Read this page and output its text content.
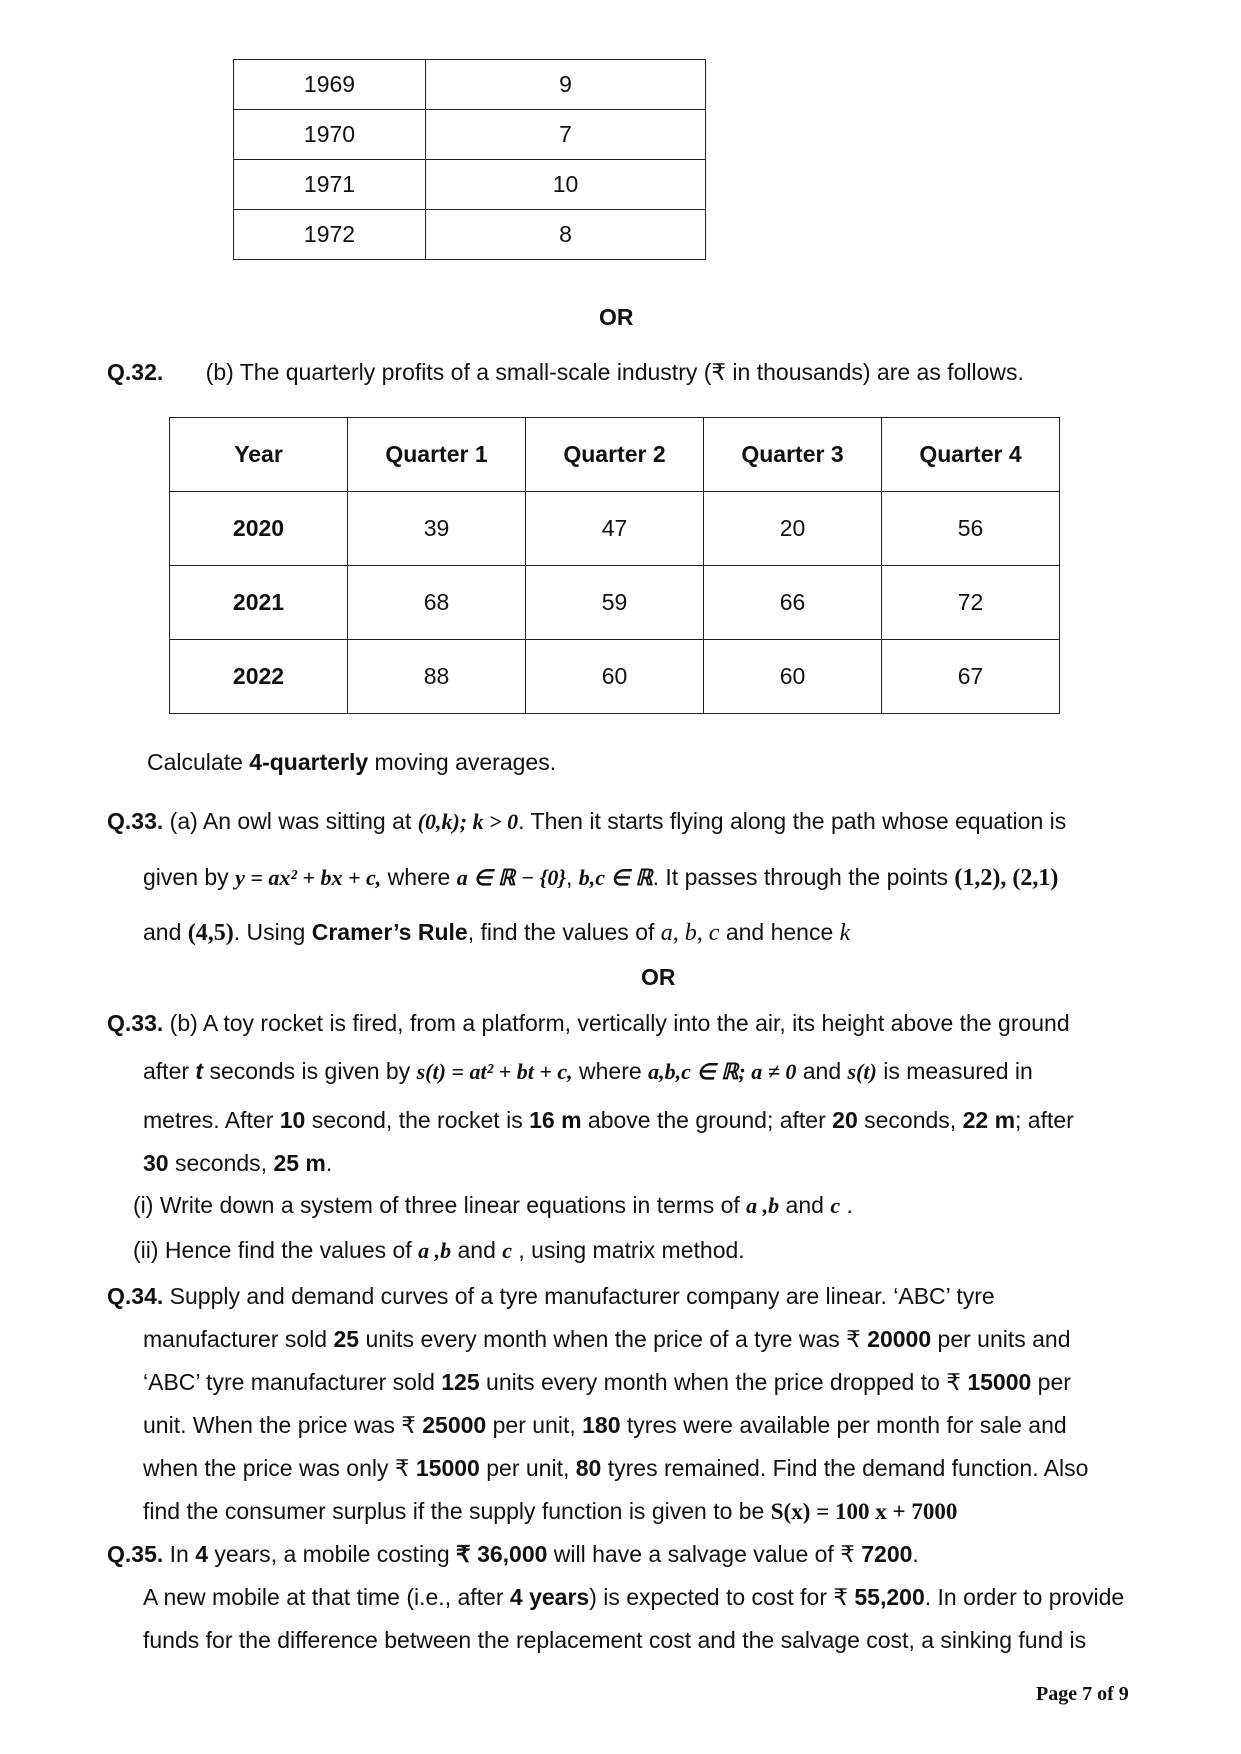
1969	9
1970	7
1971	10
1972	8
OR
Q.32. (b) The quarterly profits of a small-scale industry (₹ in thousands) are as follows.
Year	Quarter 1	Quarter 2	Quarter 3	Quarter 4
2020	39	47	20	56
2021	68	59	66	72
2022	88	60	60	67
Calculate 4-quarterly moving averages.
Q.33. (a) An owl was sitting at (0,k); k > 0. Then it starts flying along the path whose equation is
given by y = ax² + bx + c, where a ∈ ℝ − {0}, b,c ∈ ℝ. It passes through the points (1,2), (2,1)
and (4,5). Using Cramer’s Rule, find the values of a, b, c and hence k
OR
Q.33. (b) A toy rocket is fired, from a platform, vertically into the air, its height above the ground
after t seconds is given by s(t) = at² + bt + c, where a,b,c ∈ ℝ; a ≠ 0 and s(t) is measured in
metres. After 10 second, the rocket is 16 m above the ground; after 20 seconds, 22 m; after
30 seconds, 25 m.
(i) Write down a system of three linear equations in terms of a ,b and c .
(ii) Hence find the values of a ,b and c , using matrix method.
Q.34. Supply and demand curves of a tyre manufacturer company are linear. ‘ABC’ tyre
manufacturer sold 25 units every month when the price of a tyre was ₹ 20000 per units and
‘ABC’ tyre manufacturer sold 125 units every month when the price dropped to ₹ 15000 per
unit. When the price was ₹ 25000 per unit, 180 tyres were available per month for sale and
when the price was only ₹ 15000 per unit, 80 tyres remained. Find the demand function. Also
find the consumer surplus if the supply function is given to be S(x) = 100 x + 7000
Q.35. In 4 years, a mobile costing ₹ 36,000 will have a salvage value of ₹ 7200.
A new mobile at that time (i.e., after 4 years) is expected to cost for ₹ 55,200. In order to provide
funds for the difference between the replacement cost and the salvage cost, a sinking fund is
Page 7 of 9
